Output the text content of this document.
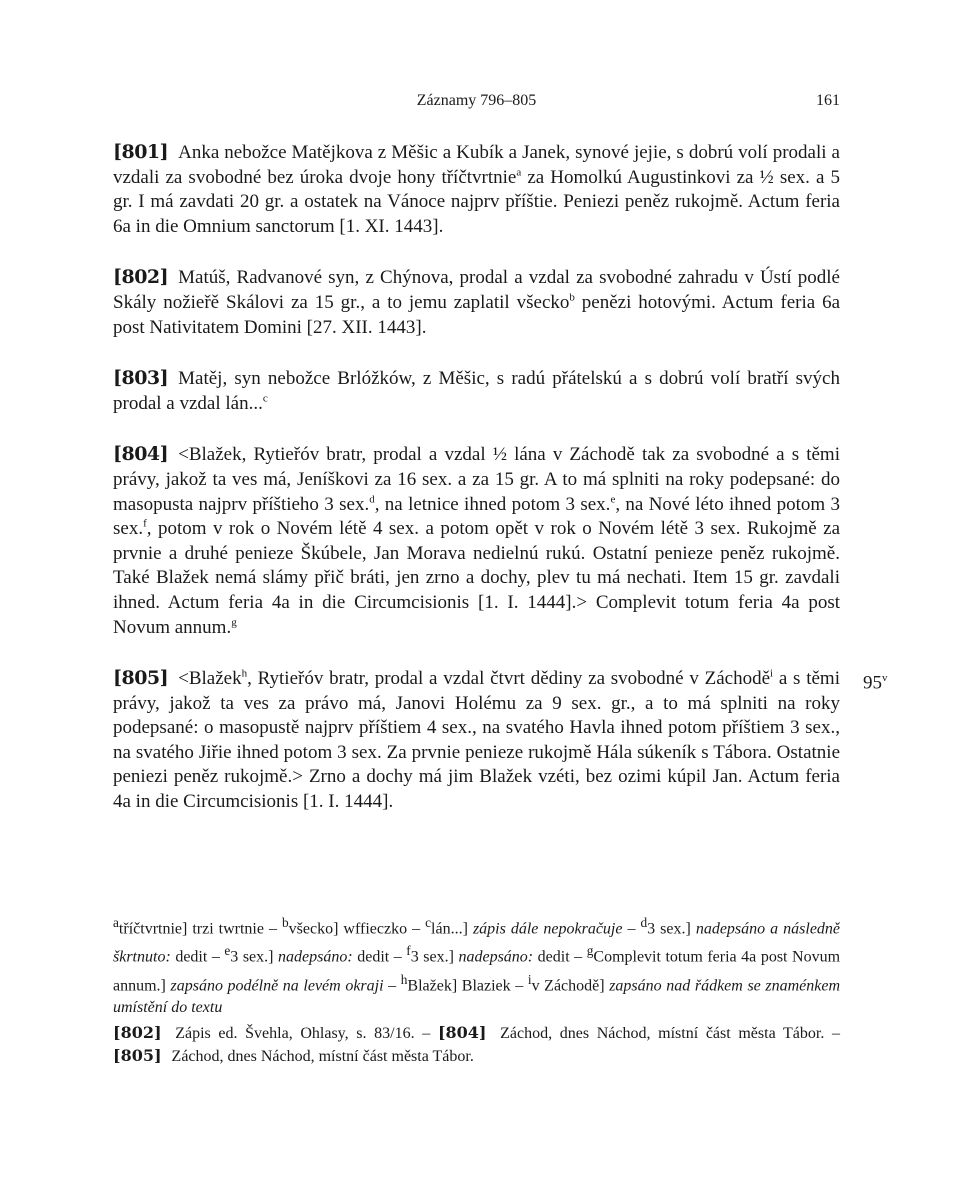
Záznamy 796–805	161

[801] Anka nebožce Matějkova z Měšic a Kubík a Janek, synové jejie, s dobrú volí prodali a vzdali za svobodné bez úroka dvoje hony tříčtvrtnie$^a$ za Homolkú Augustinkovi za ½ sex. a 5 gr. I má zavdati 20 gr. a ostatek na Vánoce najprv příštie. Peniezi peněz rukojmě. Actum feria 6a in die Omnium sanctorum [1. XI. 1443].

[802] Matúš, Radvanové syn, z Chýnova, prodal a vzdal za svobodné zahradu v Ústí podlé Skály nožieřě Skálovi za 15 gr., a to jemu zaplatil všecko$^b$ penězi hotovými. Actum feria 6a post Nativitatem Domini [27. XII. 1443].

[803] Matěj, syn nebožce Brlóžków, z Měšic, s radú přátelskú a s dobrú volí bratří svých prodal a vzdal lán...$^c$

[804] <Blažek, Rytieřóv bratr, prodal a vzdal ½ lána v Záchodě tak za svobodné a s těmi právy, jakož ta ves má, Jeníškovi za 16 sex. a za 15 gr. A to má splniti na roky podepsané: do masopusta najprv příštieho 3 sex.$^d$, na letnice ihned potom 3 sex.$^e$, na Nové léto ihned potom 3 sex.$^f$, potom v rok o Novém létě 4 sex. a potom opět v rok o Novém létě 3 sex. Rukojmě za prvnie a druhé penieze Škúbele, Jan Morava nedielnú rukú. Ostatní penieze peněz rukojmě. Také Blažek nemá slámy přič bráti, jen zrno a dochy, plev tu má nechati. Item 15 gr. zavdali ihned. Actum feria 4a in die Circumcisionis [1. I. 1444].> Complevit totum feria 4a post Novum annum.$^g$

95$^v$
[805] <Blažek$^h$, Rytieřóv bratr, prodal a vzdal čtvrt dědiny za svobodné v Záchodě$^i$ a s těmi právy, jakož ta ves za právo má, Janovi Holému za 9 sex. gr., a to má splniti na roky podepsané: o masopustě najprv příštiem 4 sex., na svatého Havla ihned potom příštiem 3 sex., na svatého Jiřie ihned potom 3 sex. Za prvnie penieze rukojmě Hála súkeník s Tábora. Ostatnie peniezi peněz rukojmě.> Zrno a dochy má jim Blažek vzéti, bez ozimi kúpil Jan. Actum feria 4a in die Circumcisionis [1. I. 1444].

$^a$tříčtvrtnie] trzi twrtnie – $^b$všecko] wffieczko – $^c$lán...] zápis dále nepokračuje – $^d$3 sex.] nadepsáno a následně škrtnuto: dedit – $^e$3 sex.] nadepsáno: dedit – $^f$3 sex.] nadepsáno: dedit – $^g$Complevit totum feria 4a post Novum annum.] zapsáno podélně na levém okraji – $^h$Blažek] Blaziek – $^i$v Záchodě] zapsáno nad řádkem se znaménkem umístění do textu
[802] Zápis ed. Švehla, Ohlasy, s. 83/16. – [804] Záchod, dnes Náchod, místní část města Tábor. – [805] Záchod, dnes Náchod, místní část města Tábor.
